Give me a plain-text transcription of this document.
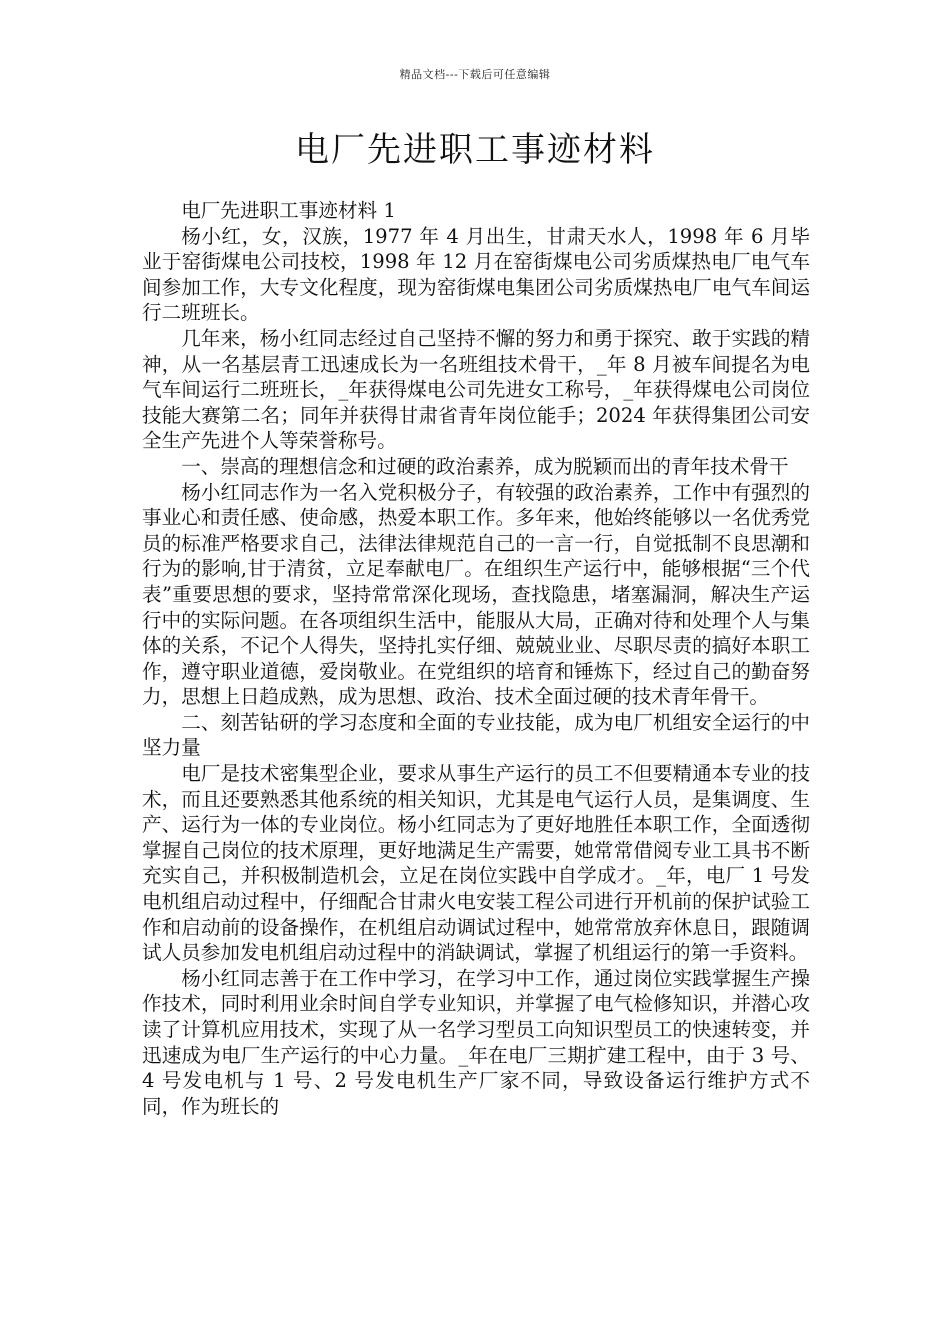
精品文档---下载后可任意编辑
电厂先进职工事迹材料

电厂先进职工事迹材料 1

杨小红，女，汉族，1977 年 4 月出生，甘肃天水人，1998 年 6 月毕业于窑街煤电公司技校，1998 年 12 月在窑街煤电公司劣质煤热电厂电气车间参加工作，大专文化程度，现为窑街煤电集团公司劣质煤热电厂电气车间运行二班班长。

几年来，杨小红同志经过自己坚持不懈的努力和勇于探究、敢于实践的精神，从一名基层青工迅速成长为一名班组技术骨干，_年 8 月被车间提名为电气车间运行二班班长，_年获得煤电公司先进女工称号，_年获得煤电公司岗位技能大赛第二名；同年并获得甘肃省青年岗位能手；2024 年获得集团公司安全生产先进个人等荣誉称号。

一、崇高的理想信念和过硬的政治素养，成为脱颖而出的青年技术骨干

杨小红同志作为一名入党积极分子，有较强的政治素养，工作中有强烈的事业心和责任感、使命感，热爱本职工作。多年来，他始终能够以一名优秀党员的标准严格要求自己，法律法律规范自己的一言一行，自觉抵制不良思潮和行为的影响,甘于清贫，立足奉献电厂。在组织生产运行中，能够根据“三个代表”重要思想的要求，坚持常常深化现场，查找隐患，堵塞漏洞，解决生产运行中的实际问题。在各项组织生活中，能服从大局，正确对待和处理个人与集体的关系，不记个人得失，坚持扎实仔细、兢兢业业、尽职尽责的搞好本职工作，遵守职业道德，爱岗敬业。在党组织的培育和锤炼下，经过自己的勤奋努力，思想上日趋成熟，成为思想、政治、技术全面过硬的技术青年骨干。

二、刻苦钻研的学习态度和全面的专业技能，成为电厂机组安全运行的中坚力量

电厂是技术密集型企业，要求从事生产运行的员工不但要精通本专业的技术，而且还要熟悉其他系统的相关知识，尤其是电气运行人员，是集调度、生产、运行为一体的专业岗位。杨小红同志为了更好地胜任本职工作，全面透彻掌握自己岗位的技术原理，更好地满足生产需要，她常常借阅专业工具书不断充实自己，并积极制造机会，立足在岗位实践中自学成才。_年，电厂 1 号发电机组启动过程中，仔细配合甘肃火电安装工程公司进行开机前的保护试验工作和启动前的设备操作，在机组启动调试过程中，她常常放弃休息日，跟随调试人员参加发电机组启动过程中的消缺调试，掌握了机组运行的第一手资料。

杨小红同志善于在工作中学习，在学习中工作，通过岗位实践掌握生产操作技术，同时利用业余时间自学专业知识，并掌握了电气检修知识，并潜心攻读了计算机应用技术，实现了从一名学习型员工向知识型员工的快速转变，并迅速成为电厂生产运行的中心力量。_年在电厂三期扩建工程中，由于 3 号、4 号发电机与 1 号、2 号发电机生产厂家不同，导致设备运行维护方式不同，作为班长的
